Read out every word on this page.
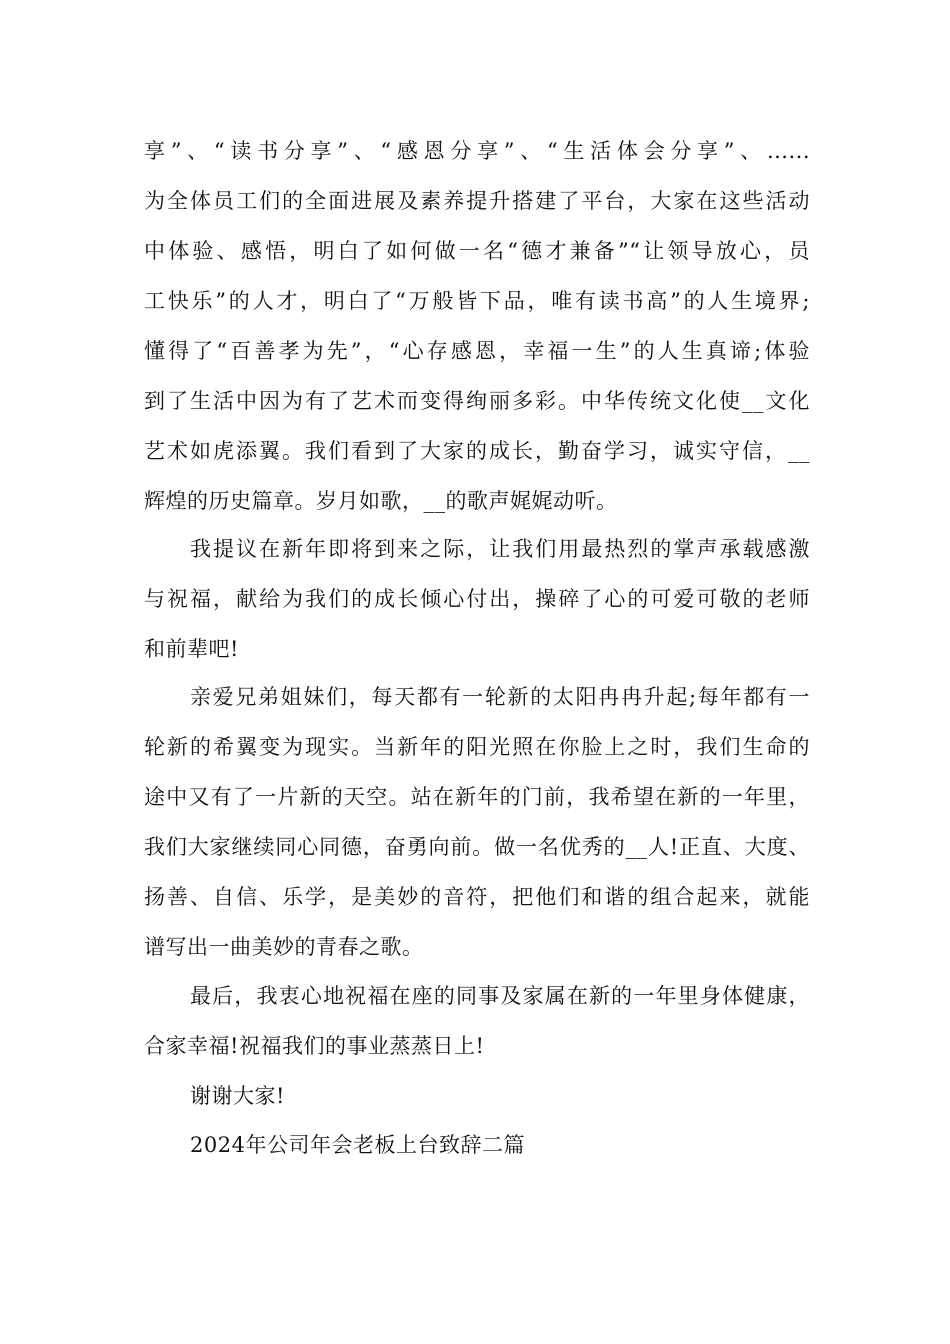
享”、“读书分享”、“感恩分享”、“生活体会分享”、......
为全体员工们的全面进展及素养提升搭建了平台，大家在这些活动
中体验、感悟，明白了如何做一名“德才兼备”“让领导放心，员
工快乐”的人才，明白了“万般皆下品，唯有读书高”的人生境界;
懂得了“百善孝为先”，“心存感恩，幸福一生”的人生真谛;体验
到了生活中因为有了艺术而变得绚丽多彩。中华传统文化使__文化
艺术如虎添翼。我们看到了大家的成长，勤奋学习，诚实守信，__
辉煌的历史篇章。岁月如歌，__的歌声娓娓动听。
我提议在新年即将到来之际，让我们用最热烈的掌声承载感激
与祝福，献给为我们的成长倾心付出，操碎了心的可爱可敬的老师
和前辈吧!
亲爱兄弟姐妹们，每天都有一轮新的太阳冉冉升起;每年都有一
轮新的希翼变为现实。当新年的阳光照在你脸上之时，我们生命的
途中又有了一片新的天空。站在新年的门前，我希望在新的一年里，
我们大家继续同心同德，奋勇向前。做一名优秀的__人!正直、大度、
扬善、自信、乐学，是美妙的音符，把他们和谐的组合起来，就能
谱写出一曲美妙的青春之歌。
最后，我衷心地祝福在座的同事及家属在新的一年里身体健康，
合家幸福!祝福我们的事业蒸蒸日上!
谢谢大家!
2024年公司年会老板上台致辞二篇
